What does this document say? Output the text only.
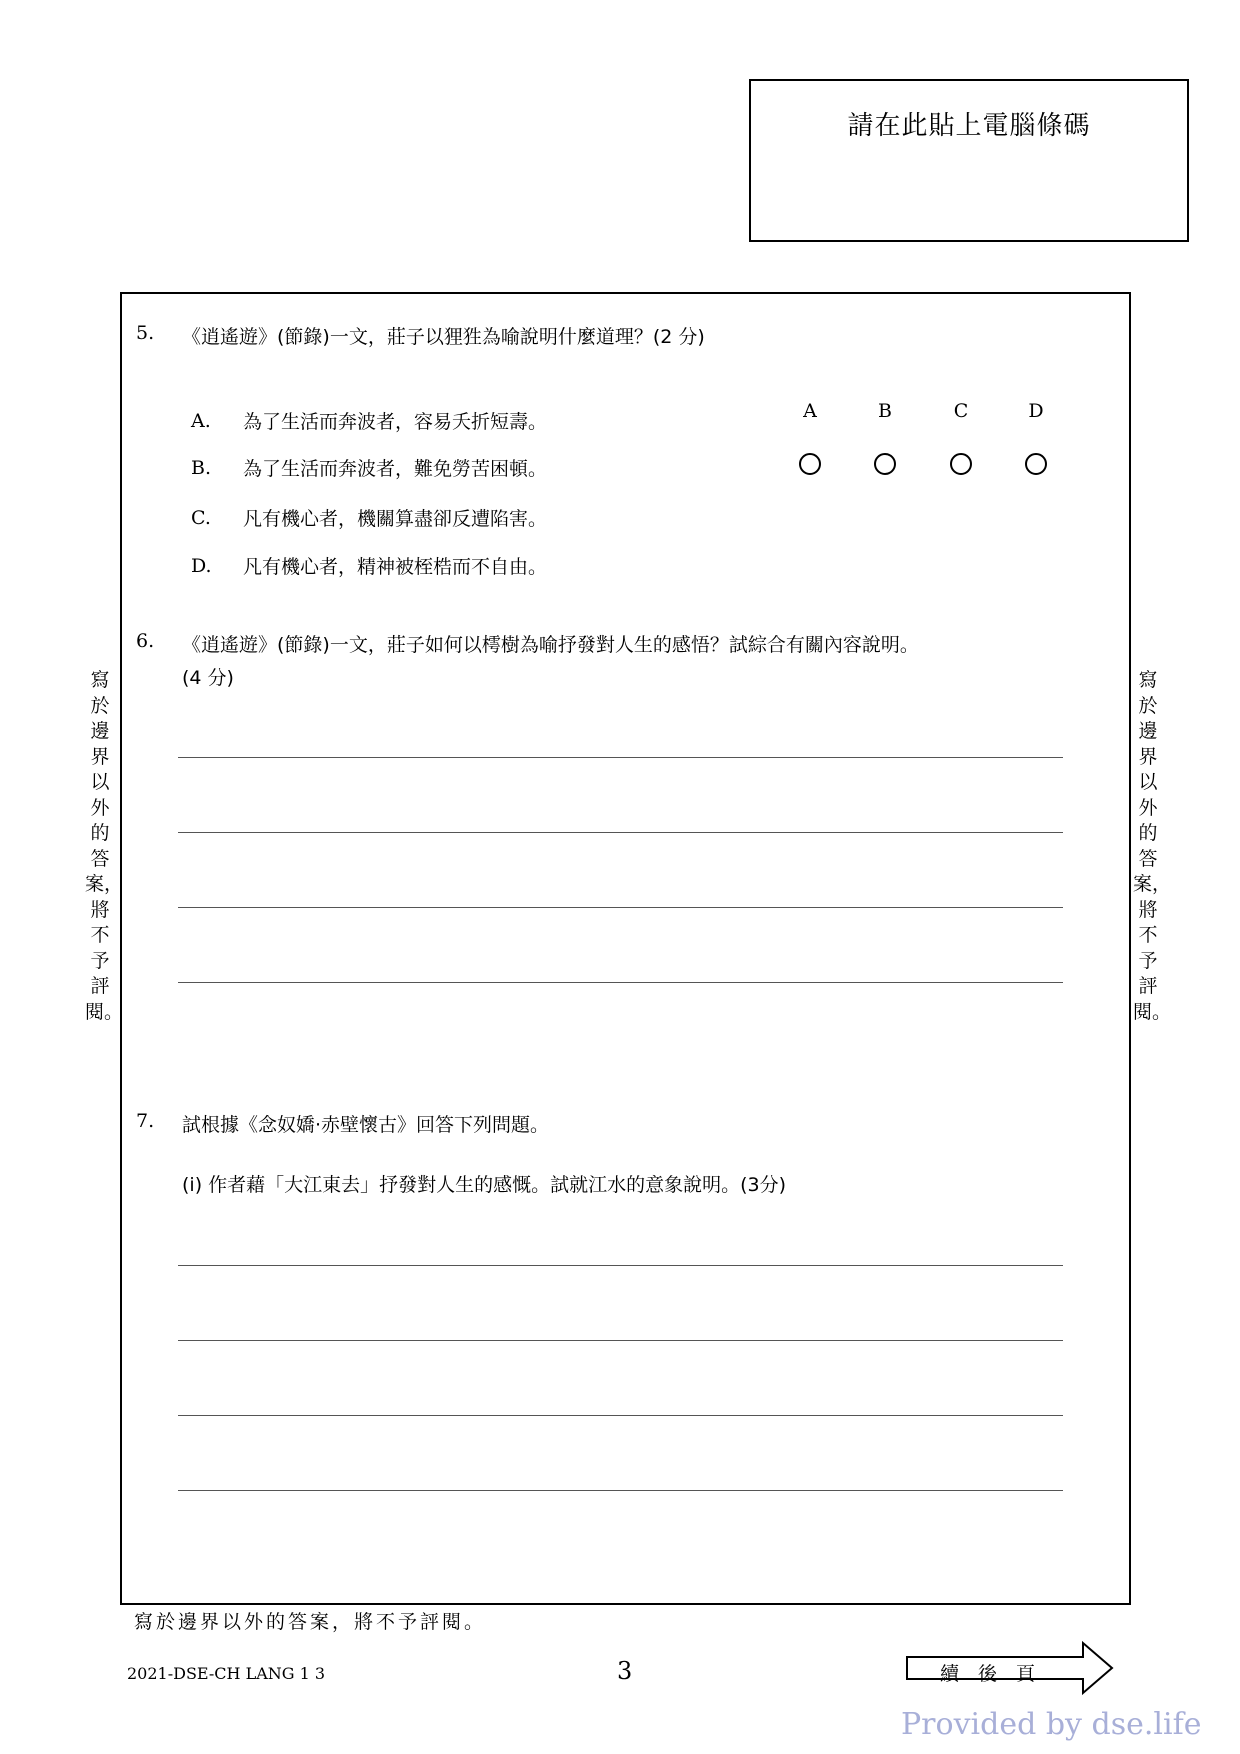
請在此貼上電腦條碼
寫於邊界以外的答案，將不予評閱。
寫於邊界以外的答案，將不予評閱。
5. 《逍遙遊》(節錄)一文，莊子以狸狌為喻說明什麼道理？(2 分)
A. 為了生活而奔波者，容易夭折短壽。
B. 為了生活而奔波者，難免勞苦困頓。
C. 凡有機心者，機關算盡卻反遭陷害。
D. 凡有機心者，精神被桎梏而不自由。
A	B	C	D
6. 《逍遙遊》(節錄)一文，莊子如何以樗樹為喻抒發對人生的感悟？試綜合有關內容說明。
(4 分)
7. 試根據《念奴嬌‧赤壁懷古》回答下列問題。
(i) 作者藉「大江東去」抒發對人生的感慨。試就江水的意象說明。(3分)
寫於邊界以外的答案，將不予評閱。
2021-DSE-CH LANG 1 3	3	續　後　頁
Provided by dse.life
